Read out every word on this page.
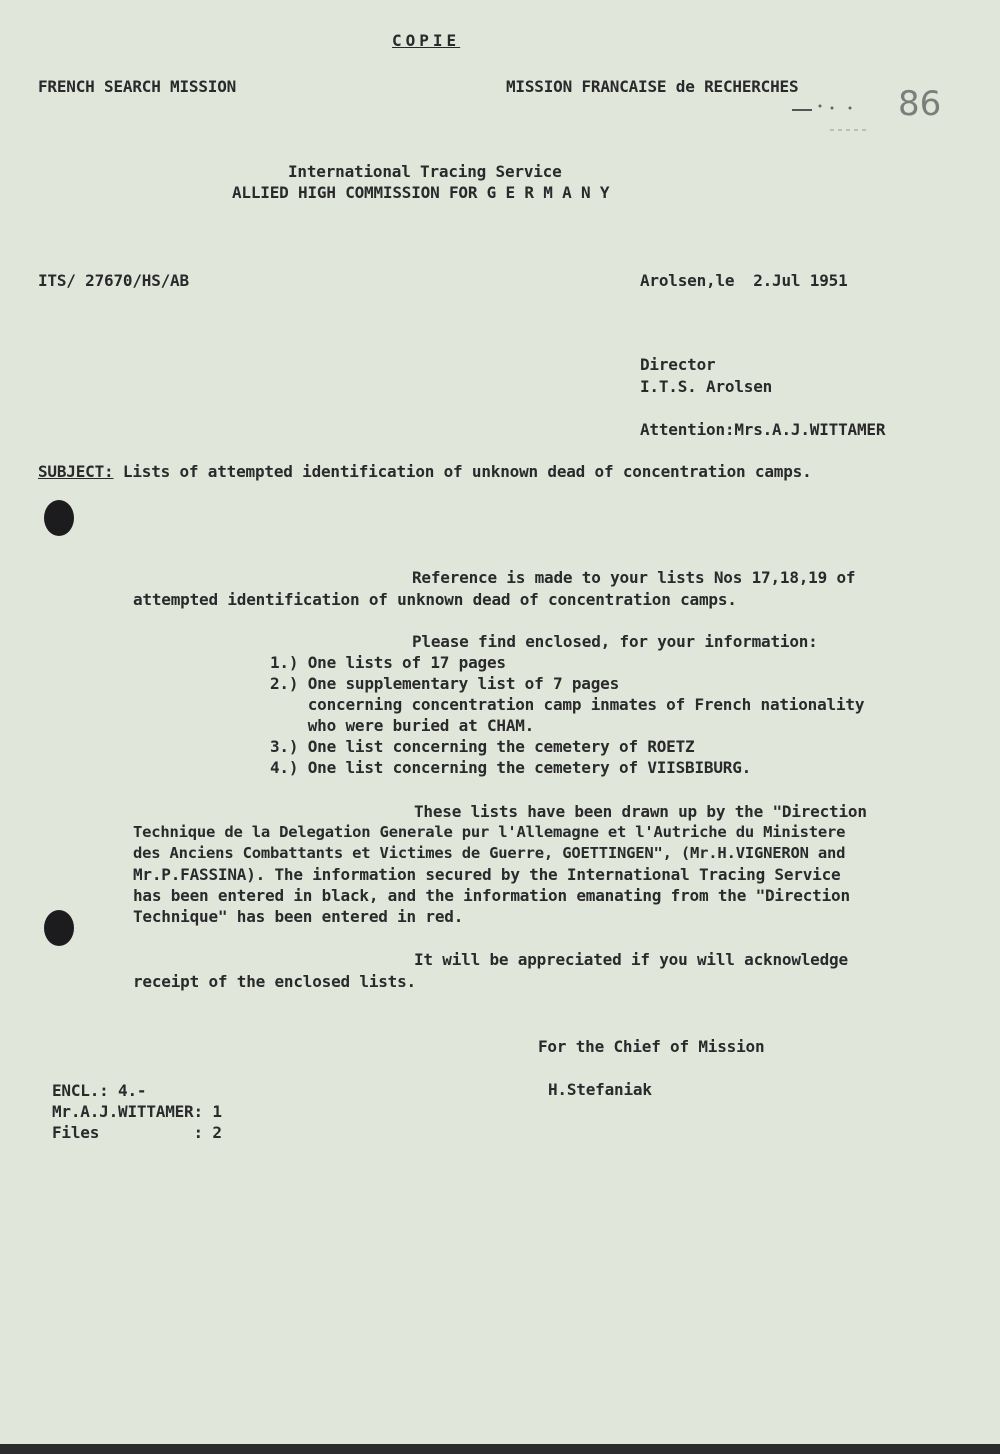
COPIE
FRENCH SEARCH MISSION	MISSION FRANCAISE de RECHERCHES	86
International Tracing Service
ALLIED HIGH COMMISSION FOR G E R M A N Y
ITS/ 27670/HS/AB	Arolsen,le  2.Jul 1951
Director
I.T.S. Arolsen
Attention:Mrs.A.J.WITTAMER
SUBJECT: Lists of attempted identification of unknown dead of concentration camps.
Reference is made to your lists Nos 17,18,19 of
attempted identification of unknown dead of concentration camps.
Please find enclosed, for your information:
1.) One lists of 17 pages
2.) One supplementary list of 7 pages
concerning concentration camp inmates of French nationality
who were buried at CHAM.
3.) One list concerning the cemetery of ROETZ
4.) One list concerning the cemetery of VIISBIBURG.
These lists have been drawn up by the "Direction
Technique de la Delegation Generale pur l'Allemagne et l'Autriche du Ministere
des Anciens Combattants et Victimes de Guerre, GOETTINGEN", (Mr.H.VIGNERON and
Mr.P.FASSINA). The information secured by the International Tracing Service
has been entered in black, and the information emanating from the "Direction
Technique" has been entered in red.
It will be appreciated if you will acknowledge
receipt of the enclosed lists.
For the Chief of Mission
H.Stefaniak
ENCL.: 4.-
Mr.A.J.WITTAMER: 1
Files          : 2
